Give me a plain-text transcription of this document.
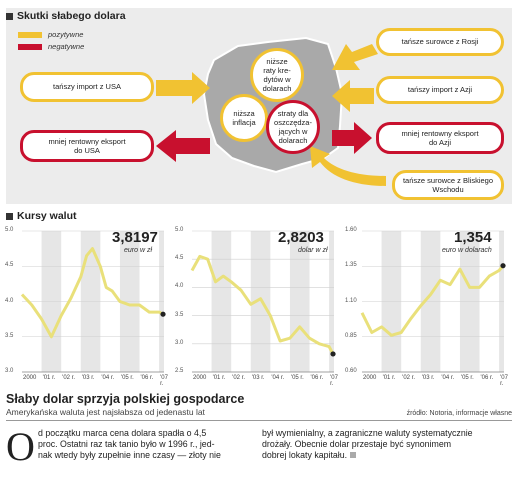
Skutki słabego dolara
pozytywne
negatywne
tańszy import z USA
mniej rentowny eksport
do USA
tańsze surowce z Rosji
tańszy import z Azji
mniej rentowny eksport
do Azji
tańsze surowce z Bliskiego
Wschodu
niższe
raty kre-
dytów w
dolarach
niższa
inflacja
straty dla
oszczędza-
jących w
dolarach
Kursy walut
5.0
4.5
4.0
3.5
3.0
2000 '01 r. '02 r. '03 r. '04 r. '05 r. '06 r. '07 r.
3,8197
euro w zł
5.0
4.5
4.0
3.5
3.0
2.5
2000 '01 r. '02 r. '03 r. '04 r. '05 r. '06 r. '07 r.
2,8203
dolar w zł
1.60
1.35
1.10
0.85
0.60
2000 '01 r. '02 r. '03 r. '04 r. '05 r. '06 r. '07 r.
1,354
euro w dolarach
Słaby dolar sprzyja polskiej gospodarce
Amerykańska waluta jest najsłabsza od jedenastu lat	źródło: Notoria, informacje własne
O d początku marca cena dolara spadła o 4,5
proc. Ostatni raz tak tanio było w 1996 r., jed-
nak wtedy były zupełnie inne czasy — złoty nie
był wymienialny, a zagraniczne waluty systematycznie
drożały. Obecnie dolar przestaje być synonimem
dobrej lokaty kapitału.
